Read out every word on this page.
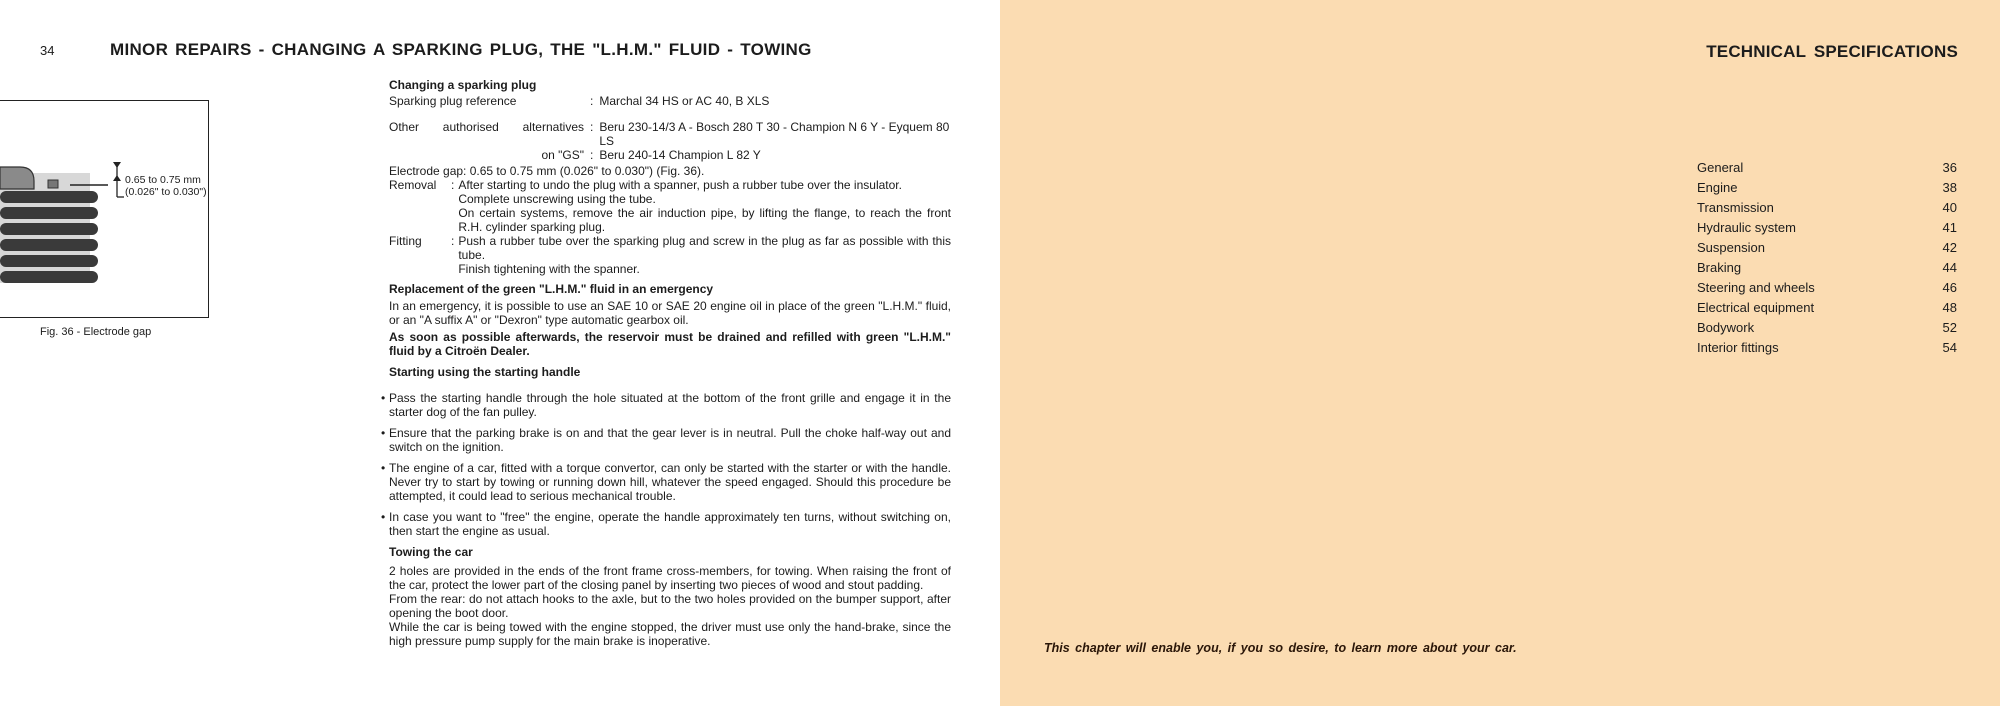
34	MINOR REPAIRS - CHANGING A SPARKING PLUG, THE "L.H.M." FLUID - TOWING
0.65 to 0.75 mm
(0.026" to 0.030")
Fig. 36 - Electrode gap
Changing a sparking plug
Sparking plug reference	: Marchal 34 HS or AC 40, B XLS
Other authorised alternatives : Beru 230-14/3 A - Bosch 280 T 30 - Champion N 6 Y - Eyquem 80 LS
on "GS" : Beru 240-14 Champion L 82 Y
Electrode gap: 0.65 to 0.75 mm (0.026" to 0.030") (Fig. 36).
Removal	: After starting to undo the plug with a spanner, push a rubber tube over the insulator.
Complete unscrewing using the tube.
On certain systems, remove the air induction pipe, by lifting the flange, to reach the front R.H. cylinder sparking plug.
Fitting	: Push a rubber tube over the sparking plug and screw in the plug as far as possible with this tube.
Finish tightening with the spanner.
Replacement of the green "L.H.M." fluid in an emergency
In an emergency, it is possible to use an SAE 10 or SAE 20 engine oil in place of the green "L.H.M." fluid, or an "A suffix A" or "Dexron" type automatic gearbox oil.
As soon as possible afterwards, the reservoir must be drained and refilled with green "L.H.M." fluid by a Citroën Dealer.
Starting using the starting handle
• Pass the starting handle through the hole situated at the bottom of the front grille and engage it in the starter dog of the fan pulley.
• Ensure that the parking brake is on and that the gear lever is in neutral. Pull the choke half-way out and switch on the ignition.
• The engine of a car, fitted with a torque convertor, can only be started with the starter or with the handle. Never try to start by towing or running down hill, whatever the speed engaged. Should this procedure be attempted, it could lead to serious mechanical trouble.
• In case you want to "free" the engine, operate the handle approximately ten turns, without switching on, then start the engine as usual.
Towing the car
2 holes are provided in the ends of the front frame cross-members, for towing. When raising the front of the car, protect the lower part of the closing panel by inserting two pieces of wood and stout padding.
From the rear: do not attach hooks to the axle, but to the two holes provided on the bumper support, after opening the boot door.
While the car is being towed with the engine stopped, the driver must use only the hand-brake, since the high pressure pump supply for the main brake is inoperative.
TECHNICAL SPECIFICATIONS
General	36
Engine	38
Transmission	40
Hydraulic system	41
Suspension	42
Braking	44
Steering and wheels	46
Electrical equipment	48
Bodywork	52
Interior fittings	54
This chapter will enable you, if you so desire, to learn more about your car.
